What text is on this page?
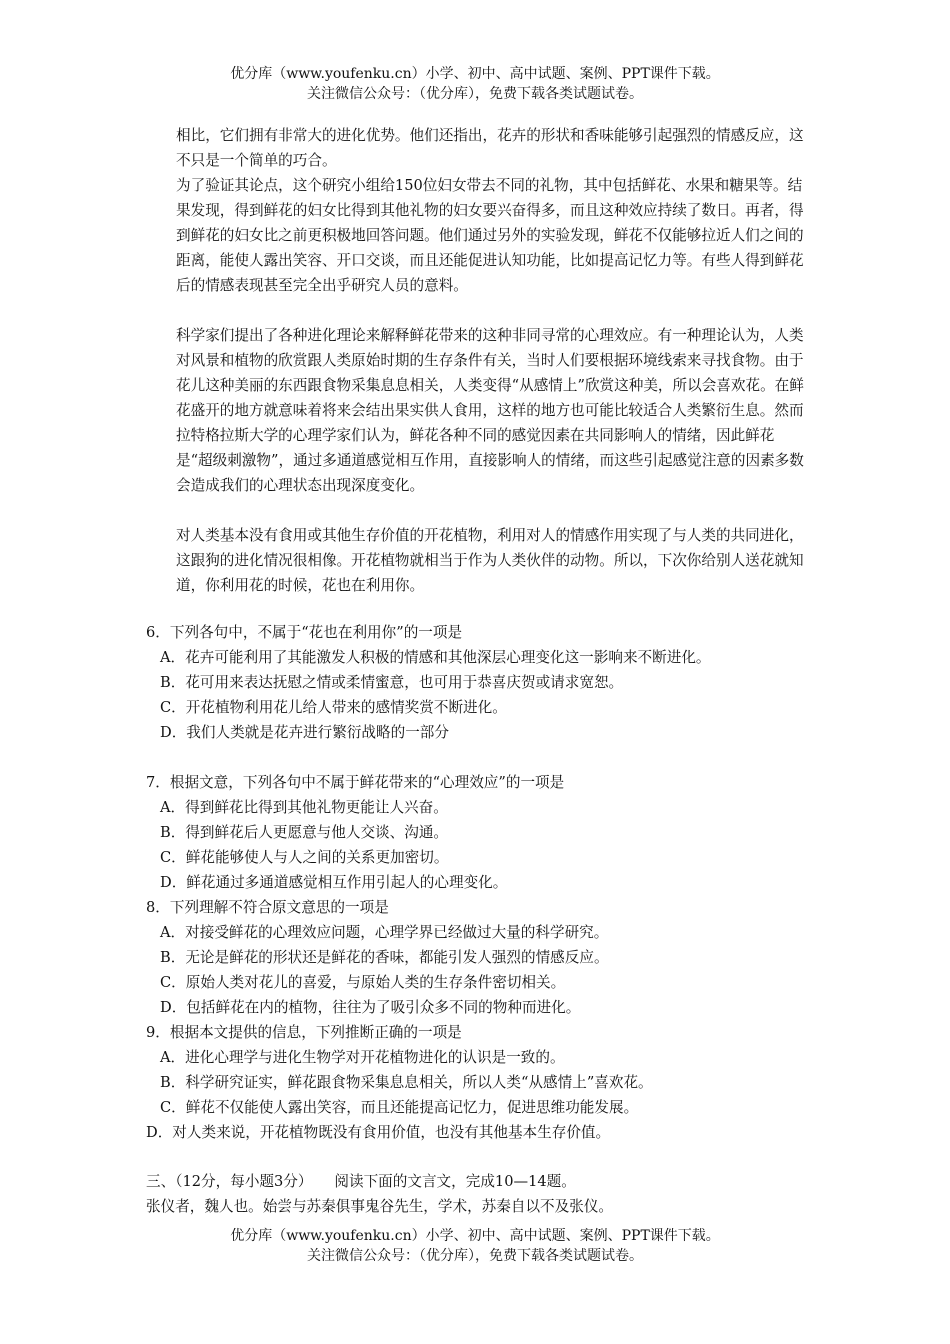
优分库（www.youfenku.cn）小学、初中、高中试题、案例、PPT课件下载。
关注微信公众号：（优分库），免费下载各类试题试卷。

相比，它们拥有非常大的进化优势。他们还指出，花卉的形状和香味能够引起强烈的情感反应，这不只是一个简单的巧合。

为了验证其论点，这个研究小组给150位妇女带去不同的礼物，其中包括鲜花、水果和糖果等。结果发现，得到鲜花的妇女比得到其他礼物的妇女要兴奋得多，而且这种效应持续了数日。再者，得到鲜花的妇女比之前更积极地回答问题。他们通过另外的实验发现，鲜花不仅能够拉近人们之间的距离，能使人露出笑容、开口交谈，而且还能促进认知功能，比如提高记忆力等。有些人得到鲜花后的情感表现甚至完全出乎研究人员的意料。

科学家们提出了各种进化理论来解释鲜花带来的这种非同寻常的心理效应。有一种理论认为，人类对风景和植物的欣赏跟人类原始时期的生存条件有关，当时人们要根据环境线索来寻找食物。由于花儿这种美丽的东西跟食物采集息息相关，人类变得“从感情上”欣赏这种美，所以会喜欢花。在鲜花盛开的地方就意味着将来会结出果实供人食用，这样的地方也可能比较适合人类繁衍生息。然而拉特格拉斯大学的心理学家们认为，鲜花各种不同的感觉因素在共同影响人的情绪，因此鲜花是“超级刺激物”，通过多通道感觉相互作用，直接影响人的情绪，而这些引起感觉注意的因素多数会造成我们的心理状态出现深度变化。

对人类基本没有食用或其他生存价值的开花植物，利用对人的情感作用实现了与人类的共同进化，这跟狗的进化情况很相像。开花植物就相当于作为人类伙伴的动物。所以，下次你给别人送花就知道，你利用花的时候，花也在利用你。

6．下列各句中，不属于“花也在利用你”的一项是
A．花卉可能利用了其能激发人积极的情感和其他深层心理变化这一影响来不断进化。
B．花可用来表达抚慰之情或柔情蜜意，也可用于恭喜庆贺或请求宽恕。
C．开花植物利用花儿给人带来的感情奖赏不断进化。
D．我们人类就是花卉进行繁衍战略的一部分
7．根据文意，下列各句中不属于鲜花带来的“心理效应”的一项是
A．得到鲜花比得到其他礼物更能让人兴奋。
B．得到鲜花后人更愿意与他人交谈、沟通。
C．鲜花能够使人与人之间的关系更加密切。
D．鲜花通过多通道感觉相互作用引起人的心理变化。
8．下列理解不符合原文意思的一项是
A．对接受鲜花的心理效应问题，心理学界已经做过大量的科学研究。
B．无论是鲜花的形状还是鲜花的香味，都能引发人强烈的情感反应。
C．原始人类对花儿的喜爱，与原始人类的生存条件密切相关。
D．包括鲜花在内的植物，往往为了吸引众多不同的物种而进化。
9．根据本文提供的信息，下列推断正确的一项是
A．进化心理学与进化生物学对开花植物进化的认识是一致的。
B．科学研究证实，鲜花跟食物采集息息相关，所以人类“从感情上”喜欢花。
C．鲜花不仅能使人露出笑容，而且还能提高记忆力，促进思维功能发展。
D．对人类来说，开花植物既没有食用价值，也没有其他基本生存价值。
三、（12分，每小题3分）　　阅读下面的文言文，完成10—14题。
张仪者，魏人也。始尝与苏秦俱事鬼谷先生，学术，苏秦自以不及张仪。
优分库（www.youfenku.cn）小学、初中、高中试题、案例、PPT课件下载。
关注微信公众号：（优分库），免费下载各类试题试卷。
